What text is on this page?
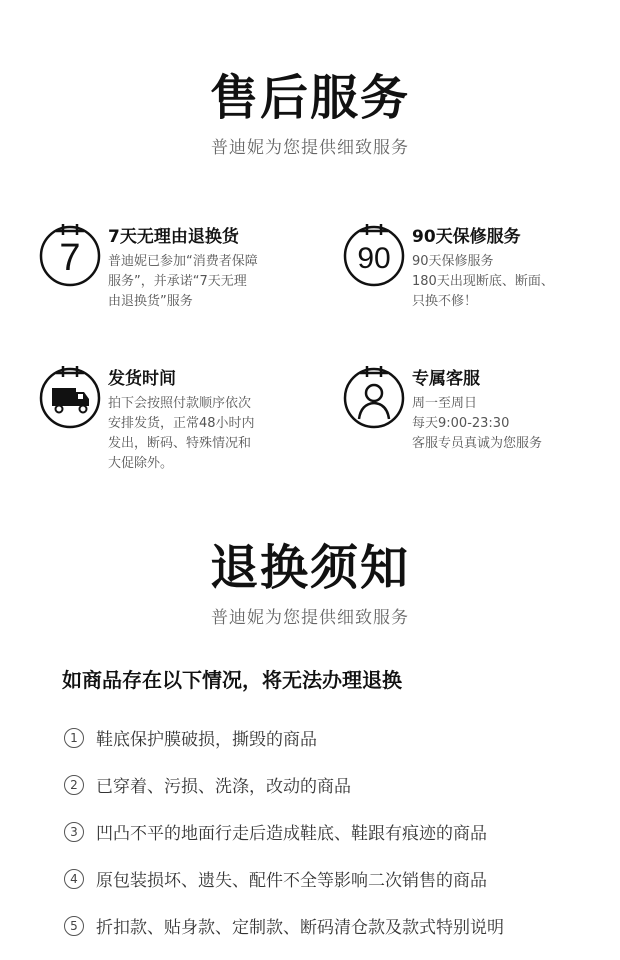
售后服务
普迪妮为您提供细致服务
7 7天无理由退换货
普迪妮已参加“消费者保障
服务”，并承诺“7天无理
由退换货”服务
90
90天保修服务
90天保修服务
180天出现断底、断面、
只换不修！
发货时间
拍下会按照付款顺序依次
安排发货，正常48小时内
发出，断码、特殊情况和
大促除外。
专属客服
周一至周日
每天9:00-23:30
客服专员真诚为您服务
退换须知
普迪妮为您提供细致服务
如商品存在以下情况，将无法办理退换
1	鞋底保护膜破损，撕毁的商品
2	已穿着、污损、洗涤，改动的商品
3	凹凸不平的地面行走后造成鞋底、鞋跟有痕迹的商品
4	原包装损坏、遗失、配件不全等影响二次销售的商品
5	折扣款、贴身款、定制款、断码清仓款及款式特别说明
